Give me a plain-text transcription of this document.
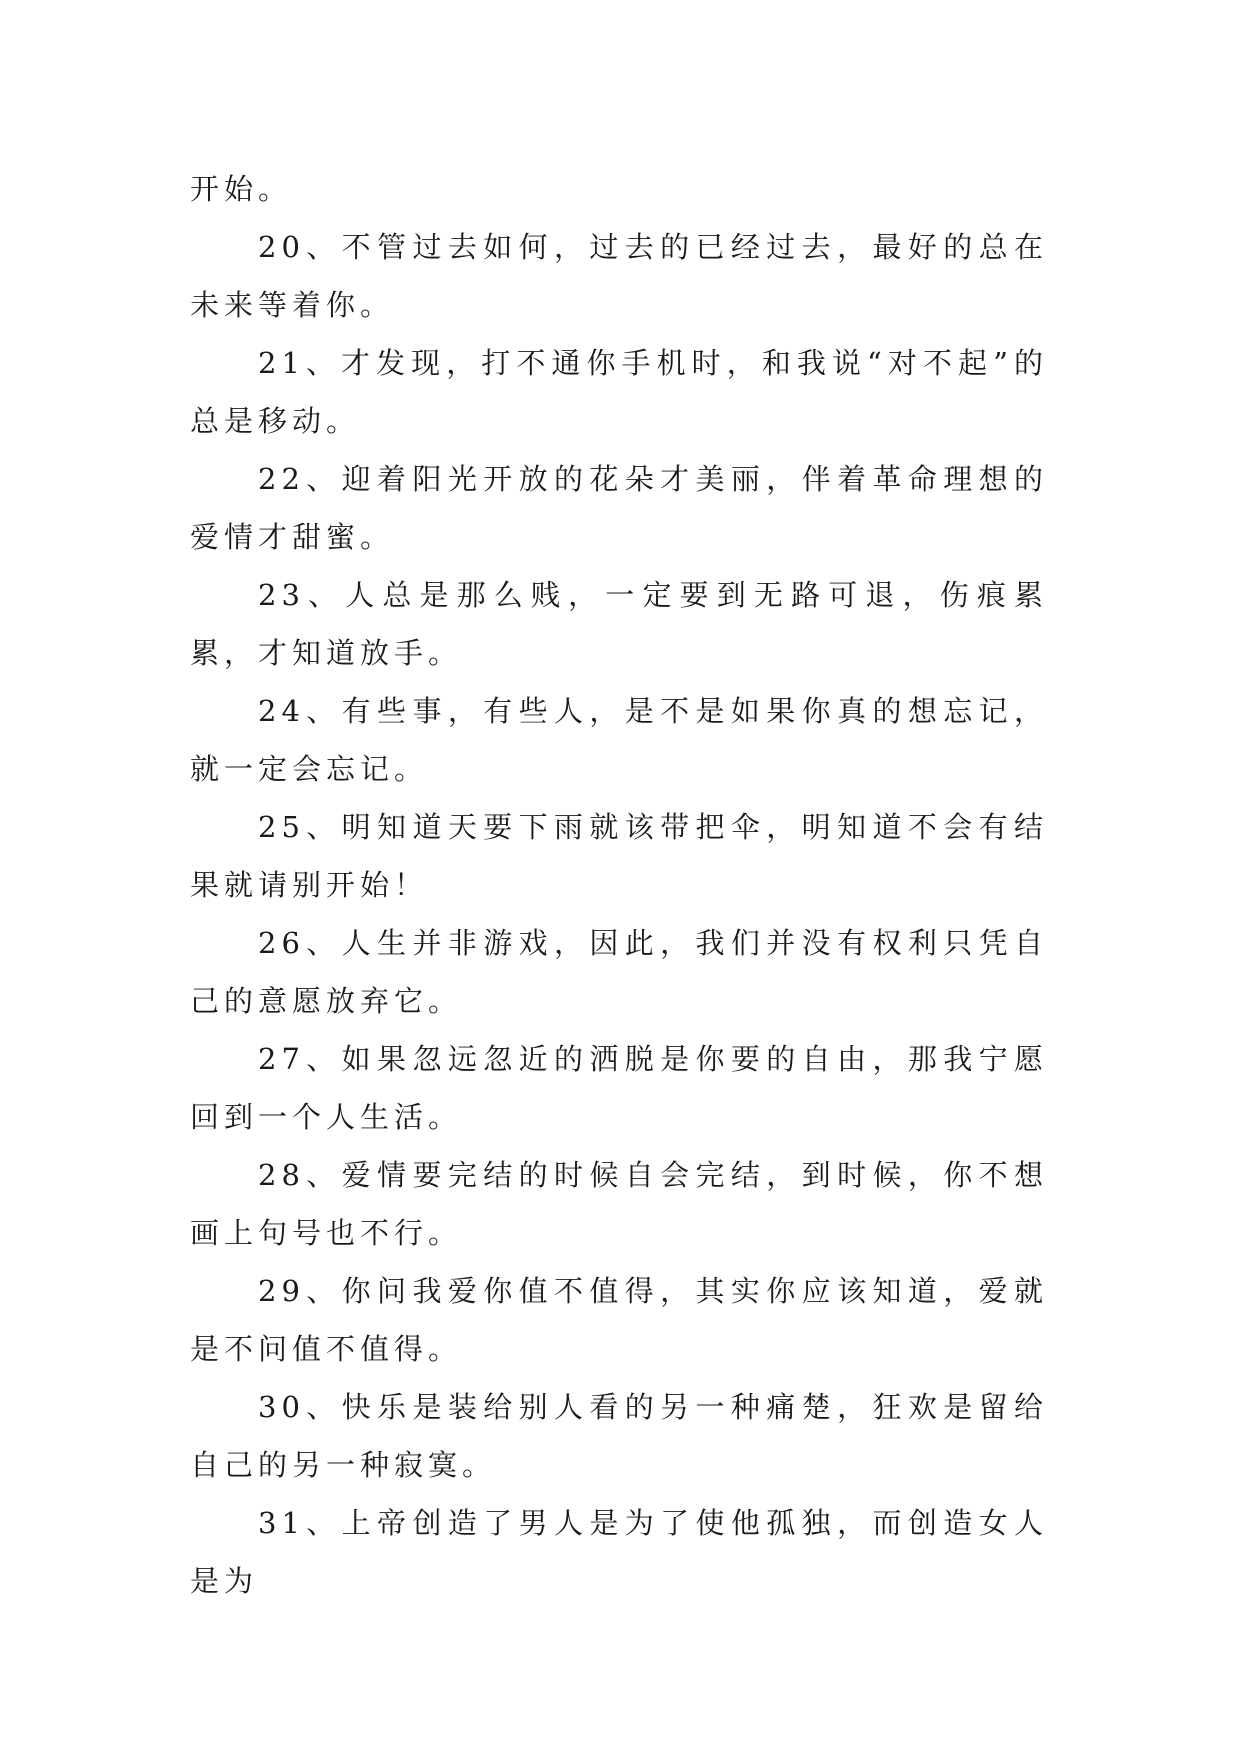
开始。

20、不管过去如何，过去的已经过去，最好的总在未来等着你。

21、才发现，打不通你手机时，和我说“对不起”的总是移动。

22、迎着阳光开放的花朵才美丽，伴着革命理想的爱情才甜蜜。

23、人总是那么贱，一定要到无路可退，伤痕累累，才知道放手。

24、有些事，有些人，是不是如果你真的想忘记，就一定会忘记。

25、明知道天要下雨就该带把伞，明知道不会有结果就请别开始！

26、人生并非游戏，因此，我们并没有权利只凭自己的意愿放弃它。

27、如果忽远忽近的洒脱是你要的自由，那我宁愿回到一个人生活。

28、爱情要完结的时候自会完结，到时候，你不想画上句号也不行。

29、你问我爱你值不值得，其实你应该知道，爱就是不问值不值得。

30、快乐是装给别人看的另一种痛楚，狂欢是留给自己的另一种寂寞。

31、上帝创造了男人是为了使他孤独，而创造女人是为
